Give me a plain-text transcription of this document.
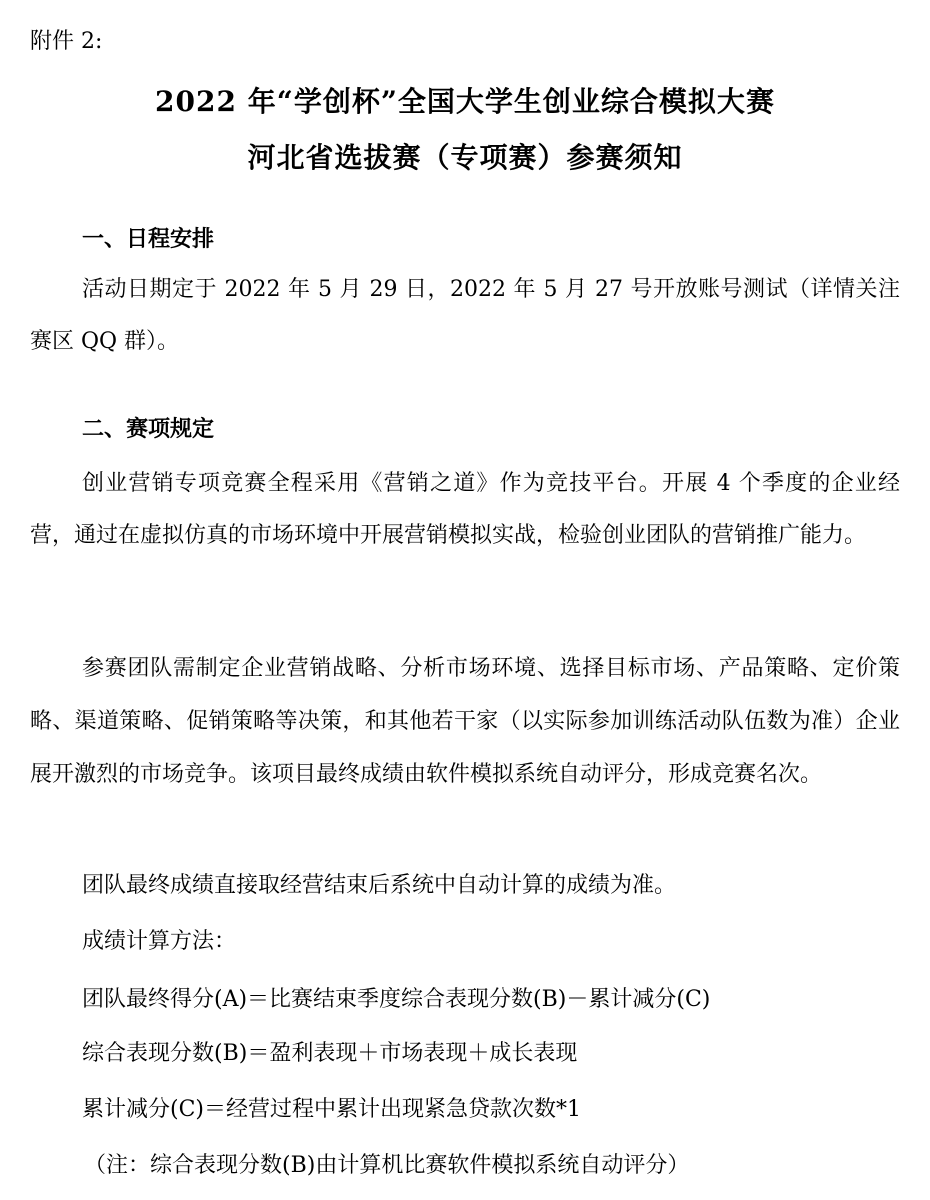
附件 2:
2022 年“学创杯”全国大学生创业综合模拟大赛
河北省选拔赛（专项赛）参赛须知
一、日程安排

活动日期定于 2022 年 5 月 29 日，2022 年 5 月 27 号开放账号测试（详情关注赛区 QQ 群）。

二、赛项规定

创业营销专项竞赛全程采用《营销之道》作为竞技平台。开展 4 个季度的企业经营，通过在虚拟仿真的市场环境中开展营销模拟实战，检验创业团队的营销推广能力。

参赛团队需制定企业营销战略、分析市场环境、选择目标市场、产品策略、定价策略、渠道策略、促销策略等决策，和其他若干家（以实际参加训练活动队伍数为准）企业展开激烈的市场竞争。该项目最终成绩由软件模拟系统自动评分，形成竞赛名次。

团队最终成绩直接取经营结束后系统中自动计算的成绩为准。
成绩计算方法：
团队最终得分(A)＝比赛结束季度综合表现分数(B)－累计减分(C)
综合表现分数(B)＝盈利表现＋市场表现＋成长表现
累计减分(C)＝经营过程中累计出现紧急贷款次数*1
（注：综合表现分数(B)由计算机比赛软件模拟系统自动评分）
